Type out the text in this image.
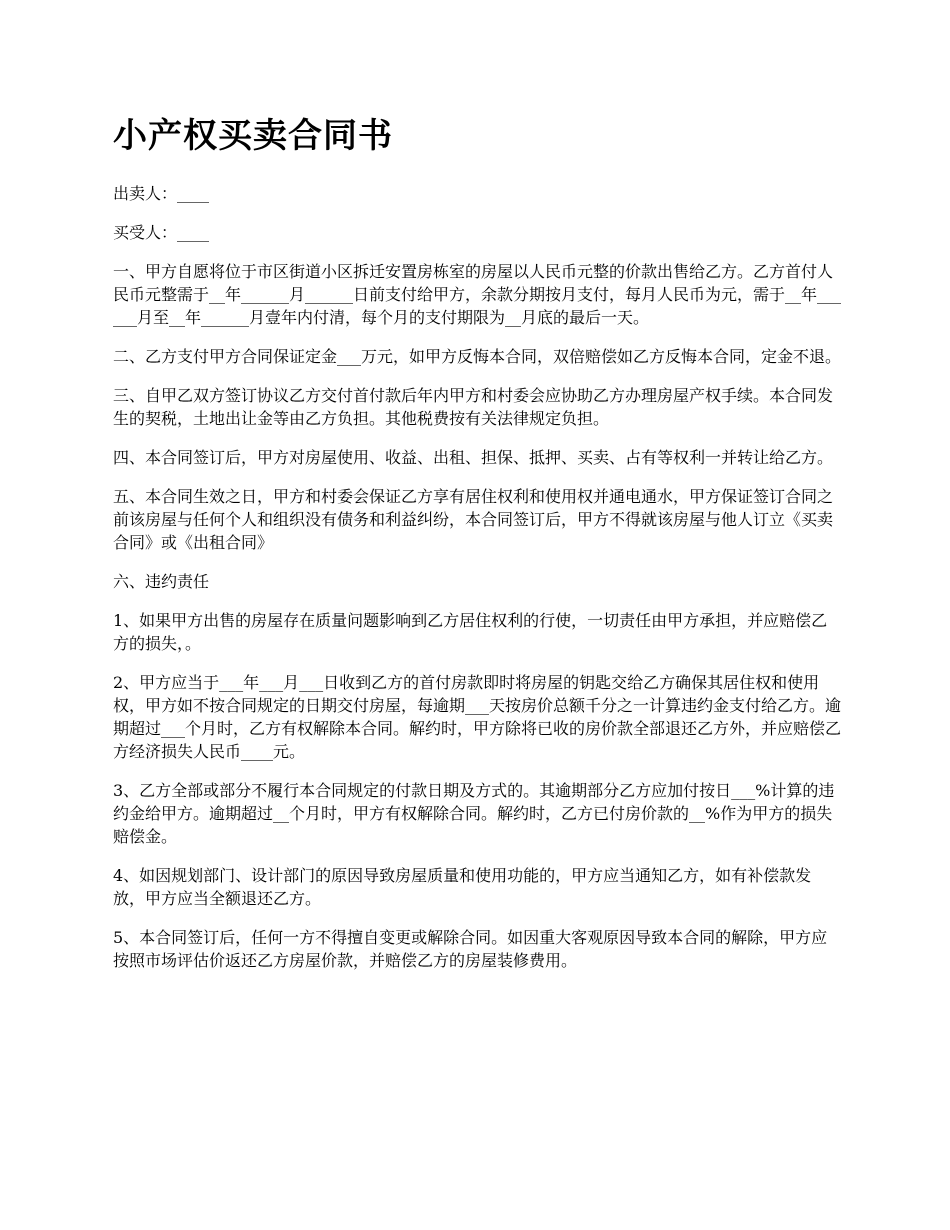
小产权买卖合同书

出卖人：____

买受人：____

一、甲方自愿将位于市区街道小区拆迁安置房栋室的房屋以人民币元整的价款出售给乙方。乙方首付人民币元整需于__年______月______日前支付给甲方，余款分期按月支付，每月人民币为元，需于__年______月至__年______月壹年内付清，每个月的支付期限为__月底的最后一天。

二、乙方支付甲方合同保证定金___万元，如甲方反悔本合同，双倍赔偿如乙方反悔本合同，定金不退。

三、自甲乙双方签订协议乙方交付首付款后年内甲方和村委会应协助乙方办理房屋产权手续。本合同发生的契税，土地出让金等由乙方负担。其他税费按有关法律规定负担。

四、本合同签订后，甲方对房屋使用、收益、出租、担保、抵押、买卖、占有等权利一并转让给乙方。

五、本合同生效之日，甲方和村委会保证乙方享有居住权利和使用权并通电通水，甲方保证签订合同之前该房屋与任何个人和组织没有债务和利益纠纷，本合同签订后，甲方不得就该房屋与他人订立《买卖合同》或《出租合同》

六、违约责任

1、如果甲方出售的房屋存在质量问题影响到乙方居住权利的行使，一切责任由甲方承担，并应赔偿乙方的损失，。

2、甲方应当于___年___月___日收到乙方的首付房款即时将房屋的钥匙交给乙方确保其居住权和使用权，甲方如不按合同规定的日期交付房屋，每逾期___天按房价总额千分之一计算违约金支付给乙方。逾期超过___个月时，乙方有权解除本合同。解约时，甲方除将已收的房价款全部退还乙方外，并应赔偿乙方经济损失人民币____元。

3、乙方全部或部分不履行本合同规定的付款日期及方式的。其逾期部分乙方应加付按日___%计算的违约金给甲方。逾期超过__个月时，甲方有权解除合同。解约时，乙方已付房价款的__%作为甲方的损失赔偿金。

4、如因规划部门、设计部门的原因导致房屋质量和使用功能的，甲方应当通知乙方，如有补偿款发放，甲方应当全额退还乙方。

5、本合同签订后，任何一方不得擅自变更或解除合同。如因重大客观原因导致本合同的解除，甲方应按照市场评估价返还乙方房屋价款，并赔偿乙方的房屋装修费用。
